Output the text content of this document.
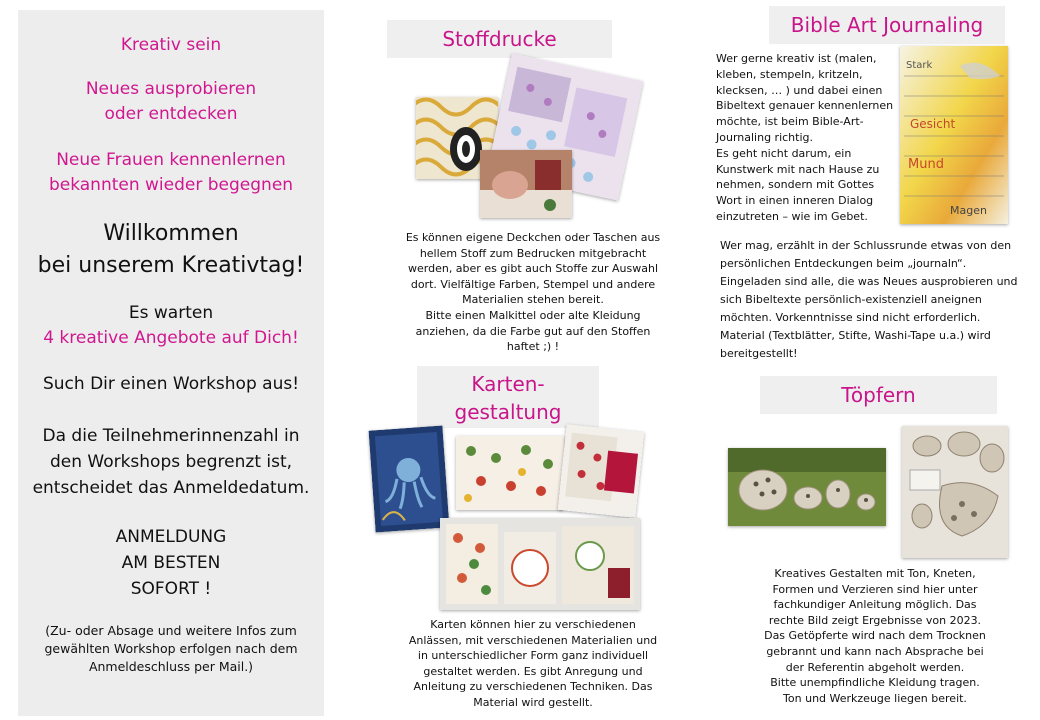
Kreativ sein
Neues ausprobieren
oder entdecken
Neue Frauen kennenlernen
bekannten wieder begegnen
Willkommen
bei unserem Kreativtag!
Es warten
4 kreative Angebote auf Dich!
Such Dir einen Workshop aus!
Da die Teilnehmerinnenzahl in
den Workshops begrenzt ist,
entscheidet das Anmeldedatum.
ANMELDUNG
AM BESTEN
SOFORT !
(Zu- oder Absage und weitere Infos zum
gewählten Workshop erfolgen nach dem
Anmeldeschluss per Mail.)
Stoffdrucke
Es können eigene Deckchen oder Taschen aus
hellem Stoff zum Bedrucken mitgebracht
werden, aber es gibt auch Stoffe zur Auswahl
dort. Vielfältige Farben, Stempel und andere
Materialien stehen bereit.
Bitte einen Malkittel oder alte Kleidung
anziehen, da die Farbe gut auf den Stoffen
haftet ;) !
Karten-
gestaltung
Karten können hier zu verschiedenen
Anlässen, mit verschiedenen Materialien und
in unterschiedlicher Form ganz individuell
gestaltet werden. Es gibt Anregung und
Anleitung zu verschiedenen Techniken. Das
Material wird gestellt.
Bible Art Journaling
Wer gerne kreativ ist (malen,
kleben, stempeln, kritzeln,
klecksen, … ) und dabei einen
Bibeltext genauer kennenlernen
möchte, ist beim Bible-Art-
Journaling richtig.
Es geht nicht darum, ein
Kunstwerk mit nach Hause zu
nehmen, sondern mit Gottes
Wort in einen inneren Dialog
einzutreten – wie im Gebet.
Stark
Mund
Magen
Gesicht
Wer mag, erzählt in der Schlussrunde etwas von den
persönlichen Entdeckungen beim „journaln“.
Eingeladen sind alle, die was Neues ausprobieren und
sich Bibeltexte persönlich-existenziell aneignen
möchten. Vorkenntnisse sind nicht erforderlich.
Material (Textblätter, Stifte, Washi-Tape u.a.) wird
bereitgestellt!
Töpfern
Kreatives Gestalten mit Ton, Kneten,
Formen und Verzieren sind hier unter
fachkundiger Anleitung möglich. Das
rechte Bild zeigt Ergebnisse von 2023.
Das Getöpferte wird nach dem Trocknen
gebrannt und kann nach Absprache bei
der Referentin abgeholt werden.
Bitte unempfindliche Kleidung tragen.
Ton und Werkzeuge liegen bereit.
